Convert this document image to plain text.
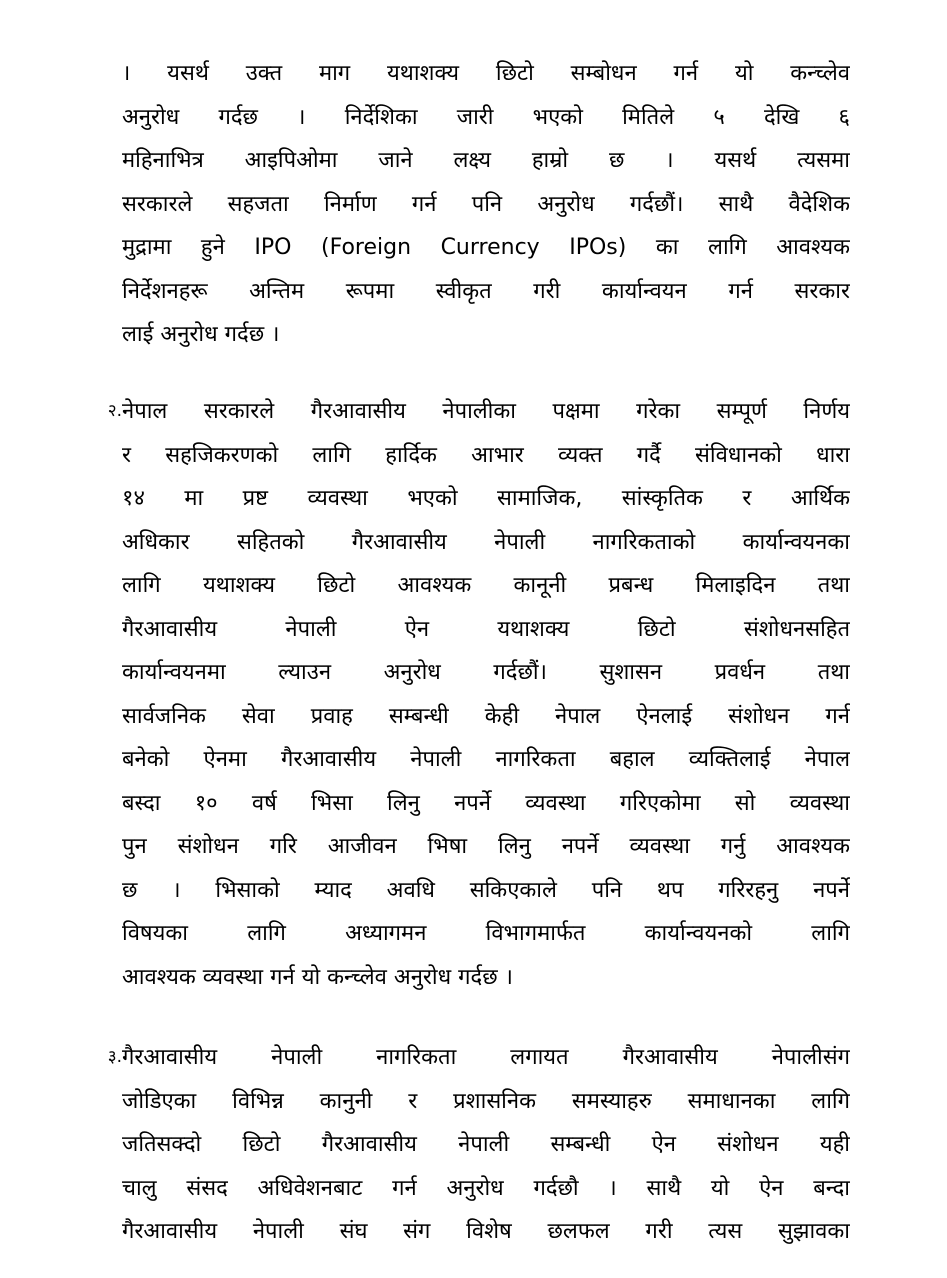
। यसर्थ उक्त माग यथाशक्य छिटो सम्बोधन गर्न यो कन्च्लेव
अनुरोध गर्दछ । निर्देशिका जारी भएको मितिले ५ देखि ६
महिनाभित्र आइपिओमा जाने लक्ष्य हाम्रो छ । यसर्थ त्यसमा
सरकारले सहजता निर्माण गर्न पनि अनुरोध गर्दछौं। साथै वैदेशिक
मुद्रामा हुने IPO (Foreign Currency IPOs) का लागि आवश्यक
निर्देशनहरू अन्तिम रूपमा स्वीकृत गरी कार्यान्वयन गर्न सरकार
लाई अनुरोध गर्दछ ।
२. नेपाल सरकारले गैरआवासीय नेपालीका पक्षमा गरेका सम्पूर्ण निर्णय
र सहजिकरणको लागि हार्दिक आभार व्यक्त गर्दै संविधानको धारा
१४ मा प्रष्ट व्यवस्था भएको सामाजिक, सांस्कृतिक र आर्थिक
अधिकार सहितको गैरआवासीय नेपाली नागरिकताको कार्यान्वयनका
लागि यथाशक्य छिटो आवश्यक कानूनी प्रबन्ध मिलाइदिन तथा
गैरआवासीय नेपाली ऐन यथाशक्य छिटो संशोधनसहित
कार्यान्वयनमा ल्याउन अनुरोध गर्दछौं। सुशासन प्रवर्धन तथा
सार्वजनिक सेवा प्रवाह सम्बन्धी केही नेपाल ऐनलाई संशोधन गर्न
बनेको ऐनमा गैरआवासीय नेपाली नागरिकता बहाल व्यक्तिलाई नेपाल
बस्दा १० वर्ष भिसा लिनु नपर्ने व्यवस्था गरिएकोमा सो व्यवस्था
पुन संशोधन गरि आजीवन भिषा लिनु नपर्ने व्यवस्था गर्नु आवश्यक
छ । भिसाको म्याद अवधि सकिएकाले पनि थप गरिरहनु नपर्ने
विषयका लागि अध्यागमन विभागमार्फत कार्यान्वयनको लागि
आवश्यक व्यवस्था गर्न यो कन्च्लेव अनुरोध गर्दछ ।
३. गैरआवासीय नेपाली नागरिकता लगायत गैरआवासीय नेपालीसंग
जोडिएका विभिन्न कानुनी र प्रशासनिक समस्याहरु समाधानका लागि
जतिसक्दो छिटो गैरआवासीय नेपाली सम्बन्धी ऐन संशोधन यही
चालु संसद अधिवेशनबाट गर्न अनुरोध गर्दछौ । साथै यो ऐन बन्दा
गैरआवासीय नेपाली संघ संग विशेष छलफल गरी त्यस सुझावका
